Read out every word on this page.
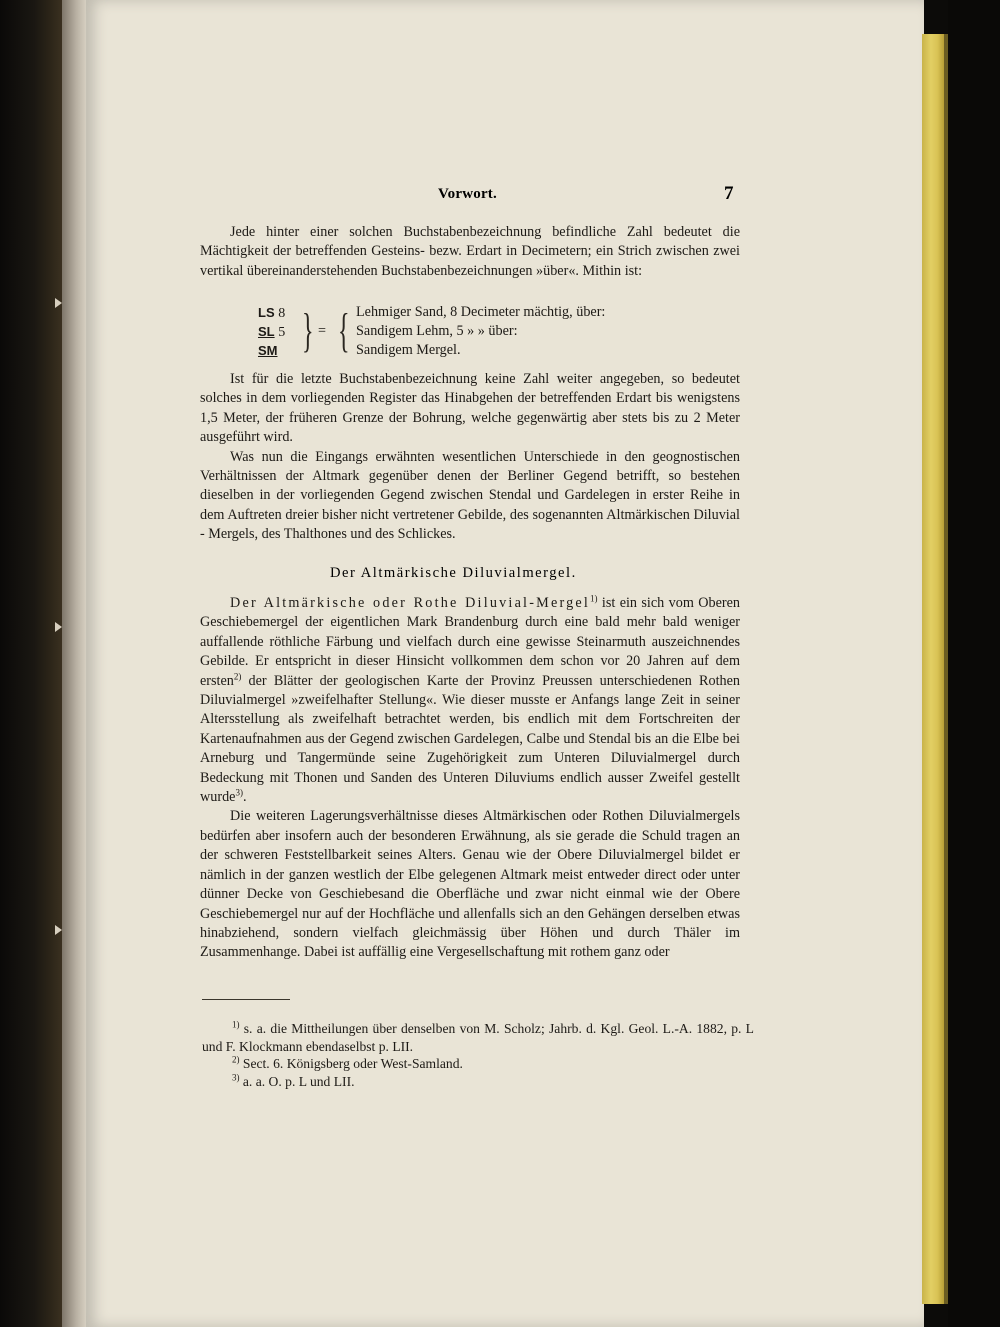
Vorwort.	7

Jede hinter einer solchen Buchstabenbezeichnung befindliche Zahl bedeutet die Mächtigkeit der betreffenden Gesteins- bezw. Erdart in Decimetern; ein Strich zwischen zwei vertikal übereinanderstehenden Buchstabenbezeichnungen »über«. Mithin ist:

LS 8
SL 5
SM } = { Lehmiger Sand, 8 Decimeter mächtig, über:
Sandigem Lehm, 5 » » über:
Sandigem Mergel.

Ist für die letzte Buchstabenbezeichnung keine Zahl weiter angegeben, so bedeutet solches in dem vorliegenden Register das Hinabgehen der betreffenden Erdart bis wenigstens 1,5 Meter, der früheren Grenze der Bohrung, welche gegenwärtig aber stets bis zu 2 Meter ausgeführt wird.

Was nun die Eingangs erwähnten wesentlichen Unterschiede in den geognostischen Verhältnissen der Altmark gegenüber denen der Berliner Gegend betrifft, so bestehen dieselben in der vorliegenden Gegend zwischen Stendal und Gardelegen in erster Reihe in dem Auftreten dreier bisher nicht vertretener Gebilde, des sogenannten Altmärkischen Diluvial - Mergels, des Thalthones und des Schlickes.

Der Altmärkische Diluvialmergel.

Der Altmärkische oder Rothe Diluvial-Mergel$^{1)}$ ist ein sich vom Oberen Geschiebemergel der eigentlichen Mark Brandenburg durch eine bald mehr bald weniger auffallende röthliche Färbung und vielfach durch eine gewisse Steinarmuth auszeichnendes Gebilde. Er entspricht in dieser Hinsicht vollkommen dem schon vor 20 Jahren auf dem ersten$^{2)}$ der Blätter der geologischen Karte der Provinz Preussen unterschiedenen Rothen Diluvialmergel »zweifelhafter Stellung«. Wie dieser musste er Anfangs lange Zeit in seiner Altersstellung als zweifelhaft betrachtet werden, bis endlich mit dem Fortschreiten der Kartenaufnahmen aus der Gegend zwischen Gardelegen, Calbe und Stendal bis an die Elbe bei Arneburg und Tangermünde seine Zugehörigkeit zum Unteren Diluvialmergel durch Bedeckung mit Thonen und Sanden des Unteren Diluviums endlich ausser Zweifel gestellt wurde$^{3)}$.

Die weiteren Lagerungsverhältnisse dieses Altmärkischen oder Rothen Diluvialmergels bedürfen aber insofern auch der besonderen Erwähnung, als sie gerade die Schuld tragen an der schweren Feststellbarkeit seines Alters. Genau wie der Obere Diluvialmergel bildet er nämlich in der ganzen westlich der Elbe gelegenen Altmark meist entweder direct oder unter dünner Decke von Geschiebesand die Oberfläche und zwar nicht einmal wie der Obere Geschiebemergel nur auf der Hochfläche und allenfalls sich an den Gehängen derselben etwas hinabziehend, sondern vielfach gleichmässig über Höhen und durch Thäler im Zusammenhange. Dabei ist auffällig eine Vergesellschaftung mit rothem ganz oder

$^{1)}$ s. a. die Mittheilungen über denselben von M. Scholz; Jahrb. d. Kgl. Geol. L.-A. 1882, p. L und F. Klockmann ebendaselbst p. LII.

$^{2)}$ Sect. 6. Königsberg oder West-Samland.

$^{3)}$ a. a. O. p. L und LII.
